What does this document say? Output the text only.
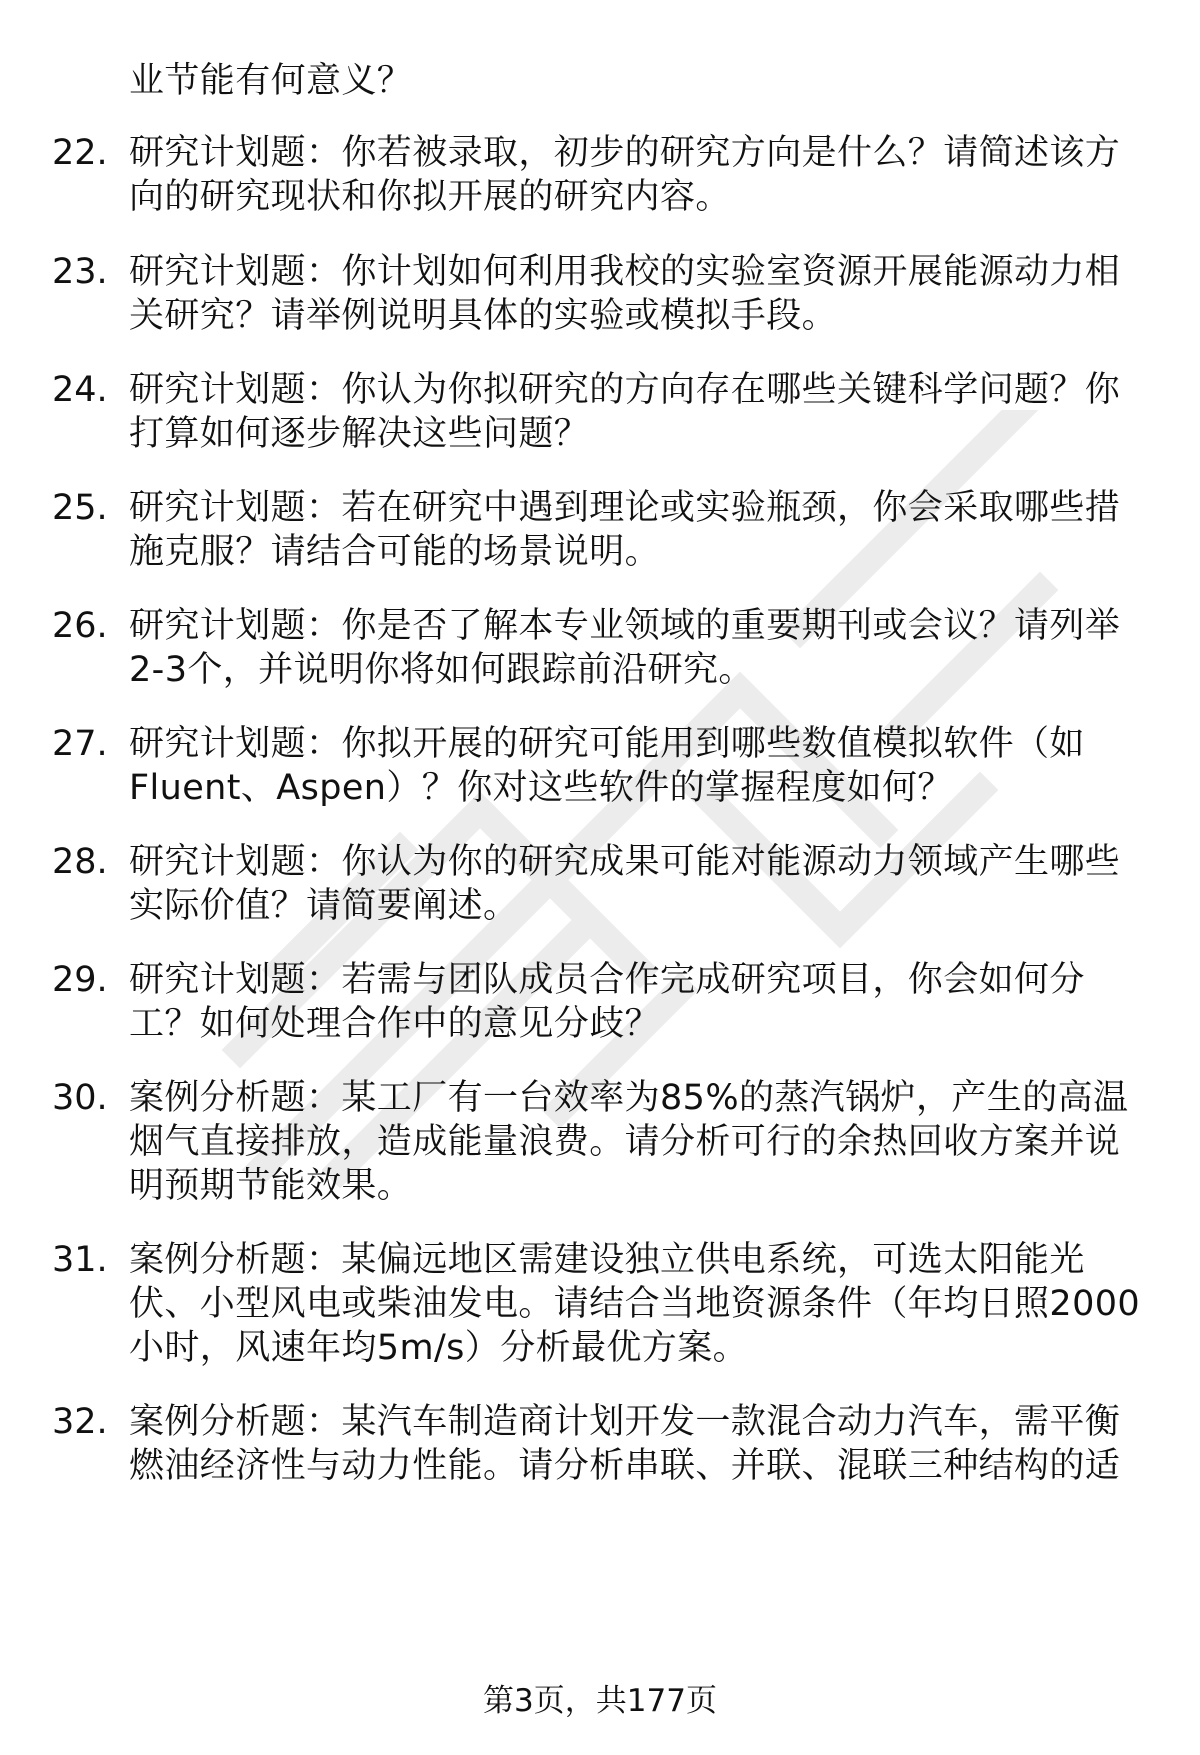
业节能有何意义？
22. 研究计划题：你若被录取，初步的研究方向是什么？请简述该方
向的研究现状和你拟开展的研究内容。
23. 研究计划题：你计划如何利用我校的实验室资源开展能源动力相
关研究？请举例说明具体的实验或模拟手段。
24. 研究计划题：你认为你拟研究的方向存在哪些关键科学问题？你
打算如何逐步解决这些问题？
25. 研究计划题：若在研究中遇到理论或实验瓶颈，你会采取哪些措
施克服？请结合可能的场景说明。
26. 研究计划题：你是否了解本专业领域的重要期刊或会议？请列举
2-3个，并说明你将如何跟踪前沿研究。
27. 研究计划题：你拟开展的研究可能用到哪些数值模拟软件（如
Fluent、Aspen）？你对这些软件的掌握程度如何？
28. 研究计划题：你认为你的研究成果可能对能源动力领域产生哪些
实际价值？请简要阐述。
29. 研究计划题：若需与团队成员合作完成研究项目，你会如何分
工？如何处理合作中的意见分歧？
30. 案例分析题：某工厂有一台效率为85%的蒸汽锅炉，产生的高温
烟气直接排放，造成能量浪费。请分析可行的余热回收方案并说
明预期节能效果。
31. 案例分析题：某偏远地区需建设独立供电系统，可选太阳能光
伏、小型风电或柴油发电。请结合当地资源条件（年均日照2000
小时，风速年均5m/s）分析最优方案。
32. 案例分析题：某汽车制造商计划开发一款混合动力汽车，需平衡
燃油经济性与动力性能。请分析串联、并联、混联三种结构的适
第3页，共177页
